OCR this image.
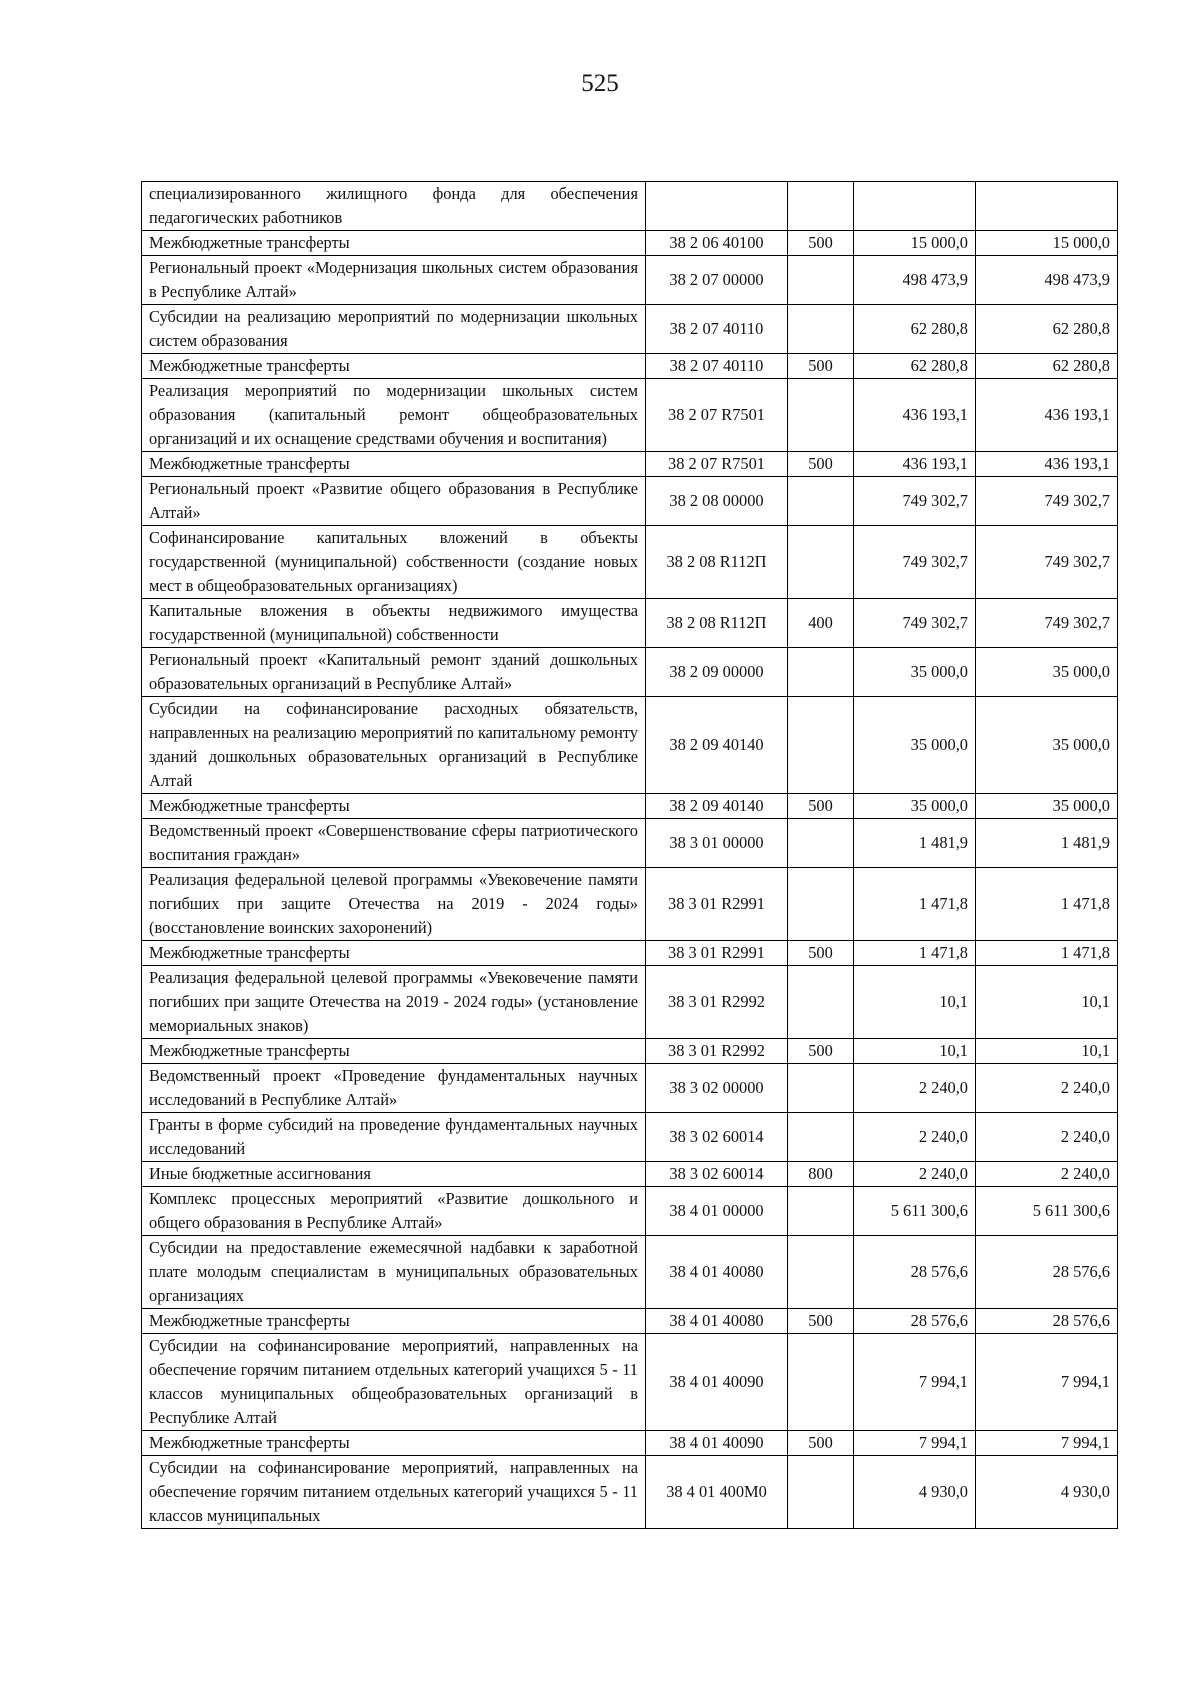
525
специализированного жилищного фонда для обеспечения педагогических работников				
Межбюджетные трансферты	38 2 06 40100	500	15 000,0	15 000,0
Региональный проект «Модернизация школьных систем образования в Республике Алтай»	38 2 07 00000		498 473,9	498 473,9
Субсидии на реализацию мероприятий по модернизации школьных систем образования	38 2 07 40110		62 280,8	62 280,8
Межбюджетные трансферты	38 2 07 40110	500	62 280,8	62 280,8
Реализация мероприятий по модернизации школьных систем образования (капитальный ремонт общеобразовательных организаций и их оснащение средствами обучения и воспитания)	38 2 07 R7501		436 193,1	436 193,1
Межбюджетные трансферты	38 2 07 R7501	500	436 193,1	436 193,1
Региональный проект «Развитие общего образования в Республике Алтай»	38 2 08 00000		749 302,7	749 302,7
Софинансирование капитальных вложений в объекты государственной (муниципальной) собственности (создание новых мест в общеобразовательных организациях)	38 2 08 R112П		749 302,7	749 302,7
Капитальные вложения в объекты недвижимого имущества государственной (муниципальной) собственности	38 2 08 R112П	400	749 302,7	749 302,7
Региональный проект «Капитальный ремонт зданий дошкольных образовательных организаций в Республике Алтай»	38 2 09 00000		35 000,0	35 000,0
Субсидии на софинансирование расходных обязательств, направленных на реализацию мероприятий по капитальному ремонту зданий дошкольных образовательных организаций в Республике Алтай	38 2 09 40140		35 000,0	35 000,0
Межбюджетные трансферты	38 2 09 40140	500	35 000,0	35 000,0
Ведомственный проект «Совершенствование сферы патриотического воспитания граждан»	38 3 01 00000		1 481,9	1 481,9
Реализация федеральной целевой программы «Увековечение памяти погибших при защите Отечества на 2019 - 2024 годы» (восстановление воинских захоронений)	38 3 01 R2991		1 471,8	1 471,8
Межбюджетные трансферты	38 3 01 R2991	500	1 471,8	1 471,8
Реализация федеральной целевой программы «Увековечение памяти погибших при защите Отечества на 2019 - 2024 годы» (установление мемориальных знаков)	38 3 01 R2992		10,1	10,1
Межбюджетные трансферты	38 3 01 R2992	500	10,1	10,1
Ведомственный проект «Проведение фундаментальных научных исследований в Республике Алтай»	38 3 02 00000		2 240,0	2 240,0
Гранты в форме субсидий на проведение фундаментальных научных исследований	38 3 02 60014		2 240,0	2 240,0
Иные бюджетные ассигнования	38 3 02 60014	800	2 240,0	2 240,0
Комплекс процессных мероприятий «Развитие дошкольного и общего образования в Республике Алтай»	38 4 01 00000		5 611 300,6	5 611 300,6
Субсидии на предоставление ежемесячной надбавки к заработной плате молодым специалистам в муниципальных образовательных организациях	38 4 01 40080		28 576,6	28 576,6
Межбюджетные трансферты	38 4 01 40080	500	28 576,6	28 576,6
Субсидии на софинансирование мероприятий, направленных на обеспечение горячим питанием отдельных категорий учащихся 5 - 11 классов муниципальных общеобразовательных организаций в Республике Алтай	38 4 01 40090		7 994,1	7 994,1
Межбюджетные трансферты	38 4 01 40090	500	7 994,1	7 994,1
Субсидии на софинансирование мероприятий, направленных на обеспечение горячим питанием отдельных категорий учащихся 5 - 11 классов муниципальных	38 4 01 400М0		4 930,0	4 930,0
